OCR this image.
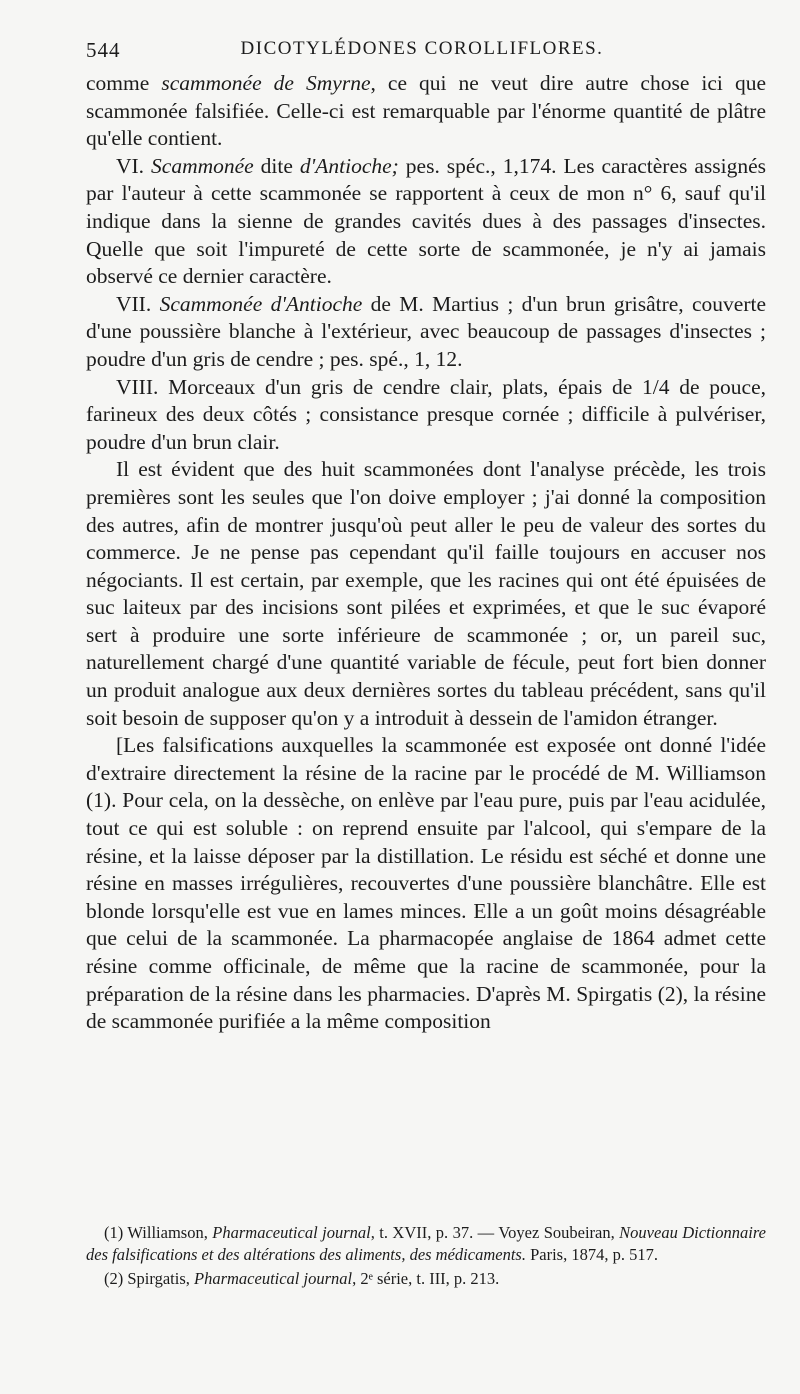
544	DICOTYLÉDONES COROLLIFLORES.

comme scammonée de Smyrne, ce qui ne veut dire autre chose ici que scammonée falsifiée. Celle-ci est remarquable par l'énorme quantité de plâtre qu'elle contient.

VI. Scammonée dite d'Antioche; pes. spéc., 1,174. Les caractères assignés par l'auteur à cette scammonée se rapportent à ceux de mon n° 6, sauf qu'il indique dans la sienne de grandes cavités dues à des passages d'insectes. Quelle que soit l'impureté de cette sorte de scammonée, je n'y ai jamais observé ce dernier caractère.

VII. Scammonée d'Antioche de M. Martius ; d'un brun grisâtre, couverte d'une poussière blanche à l'extérieur, avec beaucoup de passages d'insectes ; poudre d'un gris de cendre ; pes. spé., 1, 12.

VIII. Morceaux d'un gris de cendre clair, plats, épais de 1/4 de pouce, farineux des deux côtés ; consistance presque cornée ; difficile à pulvériser, poudre d'un brun clair.

Il est évident que des huit scammonées dont l'analyse précède, les trois premières sont les seules que l'on doive employer ; j'ai donné la composition des autres, afin de montrer jusqu'où peut aller le peu de valeur des sortes du commerce. Je ne pense pas cependant qu'il faille toujours en accuser nos négociants. Il est certain, par exemple, que les racines qui ont été épuisées de suc laiteux par des incisions sont pilées et exprimées, et que le suc évaporé sert à produire une sorte inférieure de scammonée ; or, un pareil suc, naturellement chargé d'une quantité variable de fécule, peut fort bien donner un produit analogue aux deux dernières sortes du tableau précédent, sans qu'il soit besoin de supposer qu'on y a introduit à dessein de l'amidon étranger.

[Les falsifications auxquelles la scammonée est exposée ont donné l'idée d'extraire directement la résine de la racine par le procédé de M. Williamson (1). Pour cela, on la dessèche, on enlève par l'eau pure, puis par l'eau acidulée, tout ce qui est soluble : on reprend ensuite par l'alcool, qui s'empare de la résine, et la laisse déposer par la distillation. Le résidu est séché et donne une résine en masses irrégulières, recouvertes d'une poussière blanchâtre. Elle est blonde lorsqu'elle est vue en lames minces. Elle a un goût moins désagréable que celui de la scammonée. La pharmacopée anglaise de 1864 admet cette résine comme officinale, de même que la racine de scammonée, pour la préparation de la résine dans les pharmacies. D'après M. Spirgatis (2), la résine de scammonée purifiée a la même composition

(1) Williamson, Pharmaceutical journal, t. XVII, p. 37. — Voyez Soubeiran, Nouveau Dictionnaire des falsifications et des altérations des aliments, des médicaments. Paris, 1874, p. 517.

(2) Spirgatis, Pharmaceutical journal, 2ᵉ série, t. III, p. 213.
